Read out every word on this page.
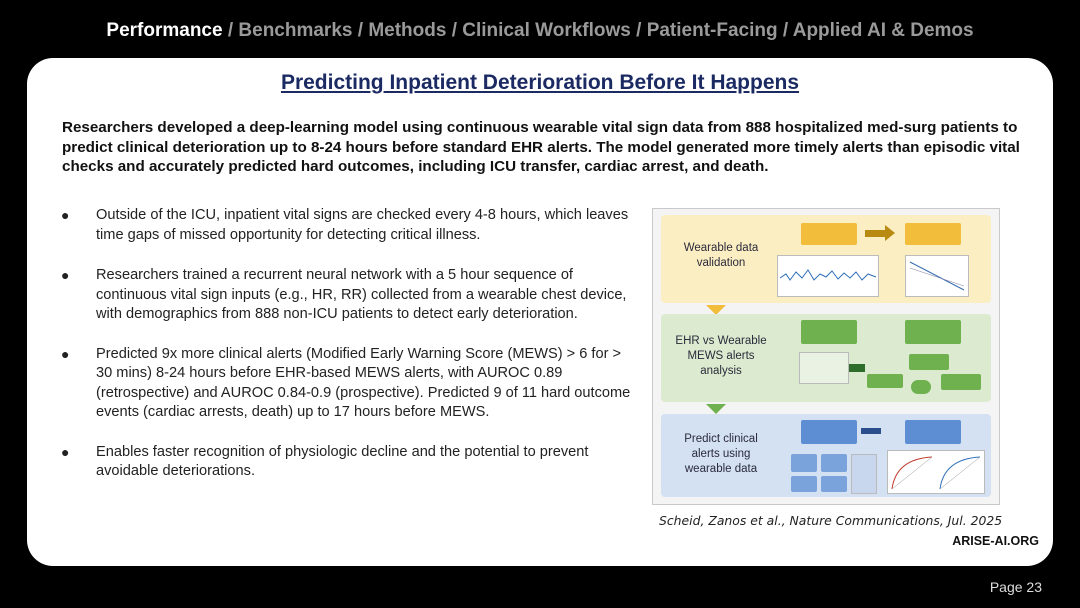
Performance / Benchmarks / Methods / Clinical Workflows / Patient-Facing / Applied AI & Demos
Predicting Inpatient Deterioration Before It Happens
Researchers developed a deep-learning model using continuous wearable vital sign data from 888 hospitalized med-surg patients to predict clinical deterioration up to 8-24 hours before standard EHR alerts. The model generated more timely alerts than episodic vital checks and accurately predicted hard outcomes, including ICU transfer, cardiac arrest, and death.
● Outside of the ICU, inpatient vital signs are checked every 4-8 hours, which leaves time gaps of missed opportunity for detecting critical illness.
● Researchers trained a recurrent neural network with a 5 hour sequence of continuous vital sign inputs (e.g., HR, RR) collected from a wearable chest device, with demographics from 888 non-ICU patients to detect early deterioration.
● Predicted 9x more clinical alerts (Modified Early Warning Score (MEWS) > 6 for > 30 mins) 8-24 hours before EHR-based MEWS alerts, with AUROC 0.89 (retrospective) and AUROC 0.84-0.9 (prospective). Predicted 9 of 11 hard outcome events (cardiac arrests, death) up to 17 hours before MEWS.
● Enables faster recognition of physiologic decline and the potential to prevent avoidable deteriorations.
Wearable data validation
EHR vs Wearable MEWS alerts analysis
Predict clinical alerts using wearable data
Scheid, Zanos et al., Nature Communications, Jul. 2025
ARISE-AI.ORG
Page 23
